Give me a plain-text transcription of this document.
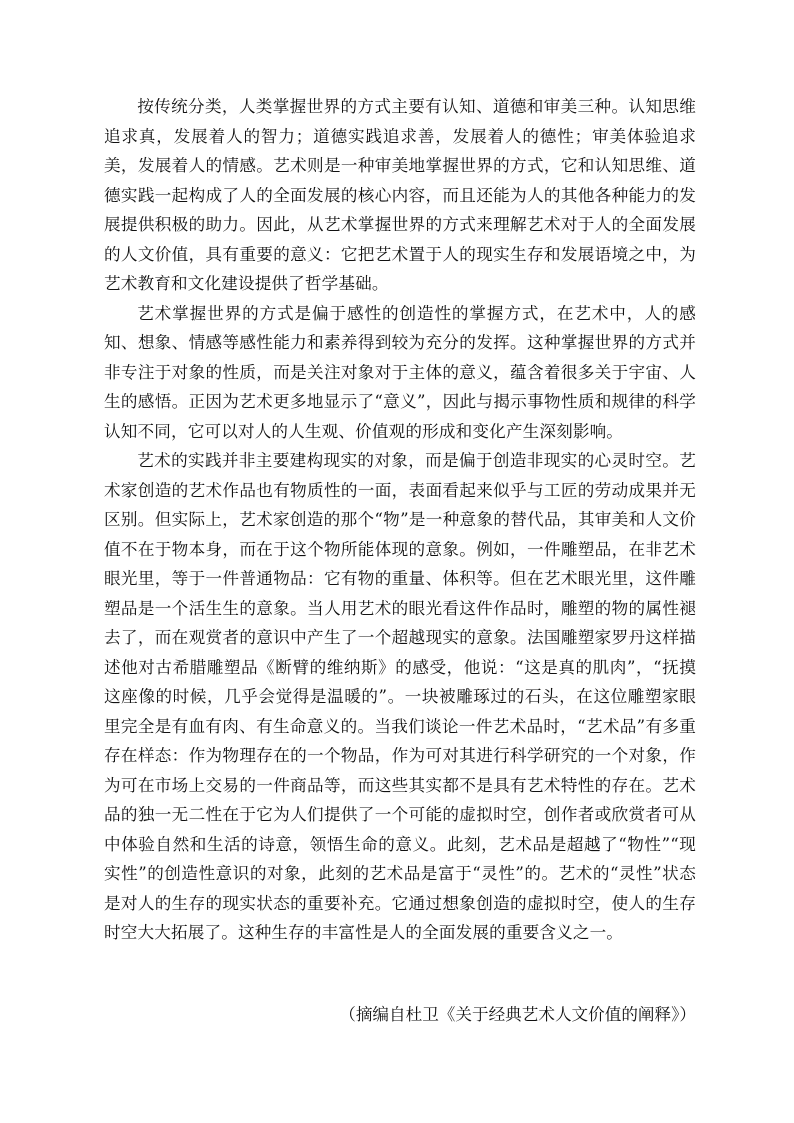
按传统分类，人类掌握世界的方式主要有认知、道德和审美三种。认知思维追求真，发展着人的智力；道德实践追求善，发展着人的德性；审美体验追求美，发展着人的情感。艺术则是一种审美地掌握世界的方式，它和认知思维、道德实践一起构成了人的全面发展的核心内容，而且还能为人的其他各种能力的发展提供积极的助力。因此，从艺术掌握世界的方式来理解艺术对于人的全面发展的人文价值，具有重要的意义：它把艺术置于人的现实生存和发展语境之中，为艺术教育和文化建设提供了哲学基础。

艺术掌握世界的方式是偏于感性的创造性的掌握方式，在艺术中，人的感知、想象、情感等感性能力和素养得到较为充分的发挥。这种掌握世界的方式并非专注于对象的性质，而是关注对象对于主体的意义，蕴含着很多关于宇宙、人生的感悟。正因为艺术更多地显示了“意义”，因此与揭示事物性质和规律的科学认知不同，它可以对人的人生观、价值观的形成和变化产生深刻影响。

艺术的实践并非主要建构现实的对象，而是偏于创造非现实的心灵时空。艺术家创造的艺术作品也有物质性的一面，表面看起来似乎与工匠的劳动成果并无区别。但实际上，艺术家创造的那个“物”是一种意象的替代品，其审美和人文价值不在于物本身，而在于这个物所能体现的意象。例如，一件雕塑品，在非艺术眼光里，等于一件普通物品：它有物的重量、体积等。但在艺术眼光里，这件雕塑品是一个活生生的意象。当人用艺术的眼光看这件作品时，雕塑的物的属性褪去了，而在观赏者的意识中产生了一个超越现实的意象。法国雕塑家罗丹这样描述他对古希腊雕塑品《断臂的维纳斯》的感受，他说：“这是真的肌肉”，“抚摸这座像的时候，几乎会觉得是温暖的”。一块被雕琢过的石头，在这位雕塑家眼里完全是有血有肉、有生命意义的。当我们谈论一件艺术品时，“艺术品”有多重存在样态：作为物理存在的一个物品，作为可对其进行科学研究的一个对象，作为可在市场上交易的一件商品等，而这些其实都不是具有艺术特性的存在。艺术品的独一无二性在于它为人们提供了一个可能的虚拟时空，创作者或欣赏者可从中体验自然和生活的诗意，领悟生命的意义。此刻，艺术品是超越了“物性”“现实性”的创造性意识的对象，此刻的艺术品是富于“灵性”的。艺术的“灵性”状态是对人的生存的现实状态的重要补充。它通过想象创造的虚拟时空，使人的生存时空大大拓展了。这种生存的丰富性是人的全面发展的重要含义之一。

（摘编自杜卫《关于经典艺术人文价值的阐释》）
